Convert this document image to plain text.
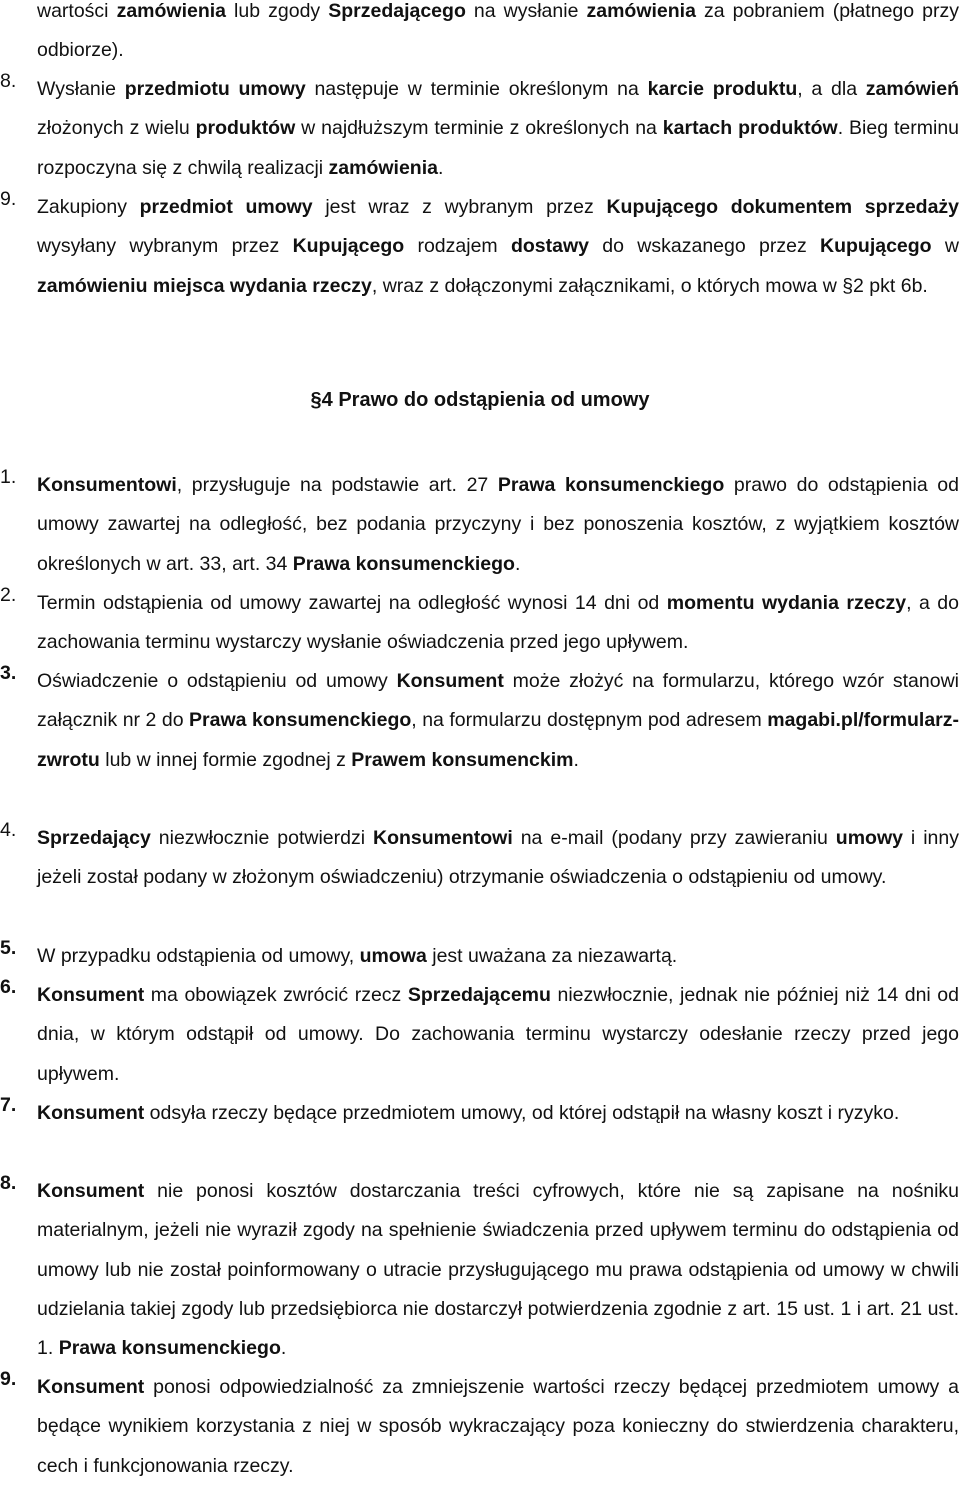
wartości zamówienia lub zgody Sprzedającego na wysłanie zamówienia za pobraniem (płatnego przy odbiorze).
8. Wysłanie przedmiotu umowy następuje w terminie określonym na karcie produktu, a dla zamówień złożonych z wielu produktów w najdłuższym terminie z określonych na kartach produktów. Bieg terminu rozpoczyna się z chwilą realizacji zamówienia.
9. Zakupiony przedmiot umowy jest wraz z wybranym przez Kupującego dokumentem sprzedaży wysyłany wybranym przez Kupującego rodzajem dostawy do wskazanego przez Kupującego w zamówieniu miejsca wydania rzeczy, wraz z dołączonymi załącznikami, o których mowa w §2 pkt 6b.
§4 Prawo do odstąpienia od umowy
1. Konsumentowi, przysługuje na podstawie art. 27 Prawa konsumenckiego prawo do odstąpienia od umowy zawartej na odległość, bez podania przyczyny i bez ponoszenia kosztów, z wyjątkiem kosztów określonych w art. 33, art. 34 Prawa konsumenckiego.
2. Termin odstąpienia od umowy zawartej na odległość wynosi 14 dni od momentu wydania rzeczy, a do zachowania terminu wystarczy wysłanie oświadczenia przed jego upływem.
3. Oświadczenie o odstąpieniu od umowy Konsument może złożyć na formularzu, którego wzór stanowi załącznik nr 2 do Prawa konsumenckiego, na formularzu dostępnym pod adresem magabi.pl/formularz-zwrotu lub w innej formie zgodnej z Prawem konsumenckim.
4. Sprzedający niezwłocznie potwierdzi Konsumentowi na e-mail (podany przy zawieraniu umowy i inny jeżeli został podany w złożonym oświadczeniu) otrzymanie oświadczenia o odstąpieniu od umowy.
5. W przypadku odstąpienia od umowy, umowa jest uważana za niezawartą.
6. Konsument ma obowiązek zwrócić rzecz Sprzedającemu niezwłocznie, jednak nie później niż 14 dni od dnia, w którym odstąpił od umowy. Do zachowania terminu wystarczy odesłanie rzeczy przed jego upływem.
7. Konsument odsyła rzeczy będące przedmiotem umowy, od której odstąpił na własny koszt i ryzyko.
8. Konsument nie ponosi kosztów dostarczania treści cyfrowych, które nie są zapisane na nośniku materialnym, jeżeli nie wyraził zgody na spełnienie świadczenia przed upływem terminu do odstąpienia od umowy lub nie został poinformowany o utracie przysługującego mu prawa odstąpienia od umowy w chwili udzielania takiej zgody lub przedsiębiorca nie dostarczył potwierdzenia zgodnie z art. 15 ust. 1 i art. 21 ust. 1. Prawa konsumenckiego.
9. Konsument ponosi odpowiedzialność za zmniejszenie wartości rzeczy będącej przedmiotem umowy a będące wynikiem korzystania z niej w sposób wykraczający poza konieczny do stwierdzenia charakteru, cech i funkcjonowania rzeczy.
